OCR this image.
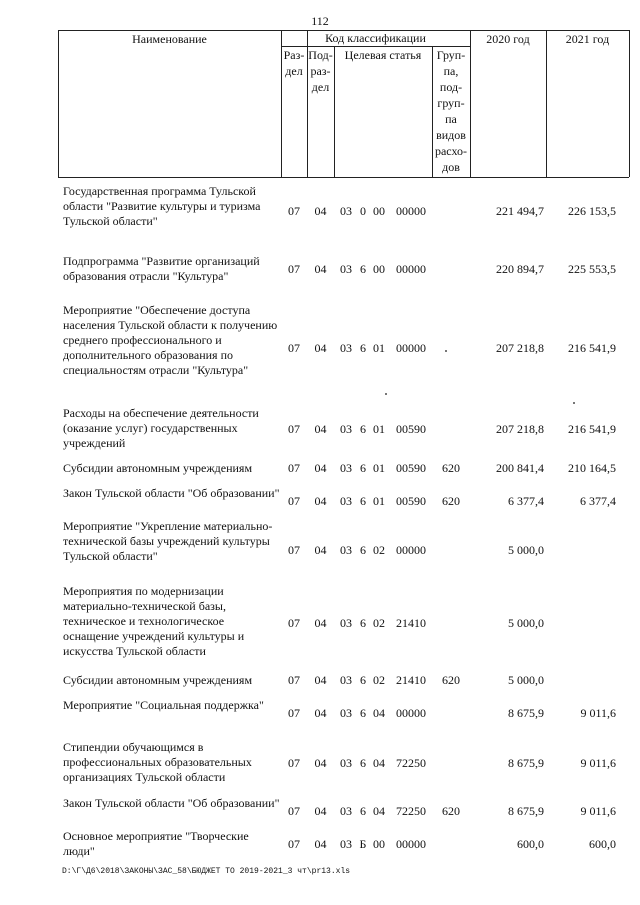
112
Наименование	Код классификации
Раз-
дел
Под-
раз-
дел
Целевая статья	Груп-
па,
под-
груп-
па
видов
расхо-
дов
2020 год	2021 год
Государственная программа Тульской области "Развитие культуры и туризма Тульской области"
07	04	03 0 00 00000	221 494,7	226 153,5
Подпрограмма "Развитие организаций образования отрасли "Культура"	07	04	03 6 00 00000	220 894,7	225 553,5
Мероприятие "Обеспечение доступа населения Тульской области к получению среднего профессионального и дополнительного образования по специальностям отрасли "Культура"
07	04	03 6 01 00000	207 218,8	216 541,9
Расходы на обеспечение деятельности (оказание услуг) государственных учреждений
07	04	03 6 01 00590	207 218,8	216 541,9
Субсидии автономным учреждениям	07	04	03 6 01 00590	620	200 841,4	210 164,5
Закон Тульской области "Об образовании"
07	04	03 6 01 00590	620	6 377,4	6 377,4
Мероприятие "Укрепление материально-технической базы учреждений культуры Тульской области"	07	04	03 6 02 00000	5 000,0
Мероприятия по модернизации материально-технической базы, техническое и технологическое оснащение учреждений культуры и искусства Тульской области
07	04	03 6 02 21410	5 000,0
Субсидии автономным учреждениям	07	04	03 6 02 21410	620	5 000,0
Мероприятие "Социальная поддержка"
07	04	03 6 04 00000	8 675,9	9 011,6
Стипендии обучающимся в профессиональных образовательных организациях Тульской области
07	04	03 6 04 72250	8 675,9	9 011,6
Закон Тульской области "Об образовании"
07	04	03 6 04 72250	620	8 675,9	9 011,6
Основное мероприятие "Творческие люди"	07	04	03 Б 00 00000	600,0	600,0
D:\Г\Д6\2018\ЗАКОНЫ\ЗАС_58\БЮДЖЕТ ТО 2019-2021_3 чт\pr13.xls
